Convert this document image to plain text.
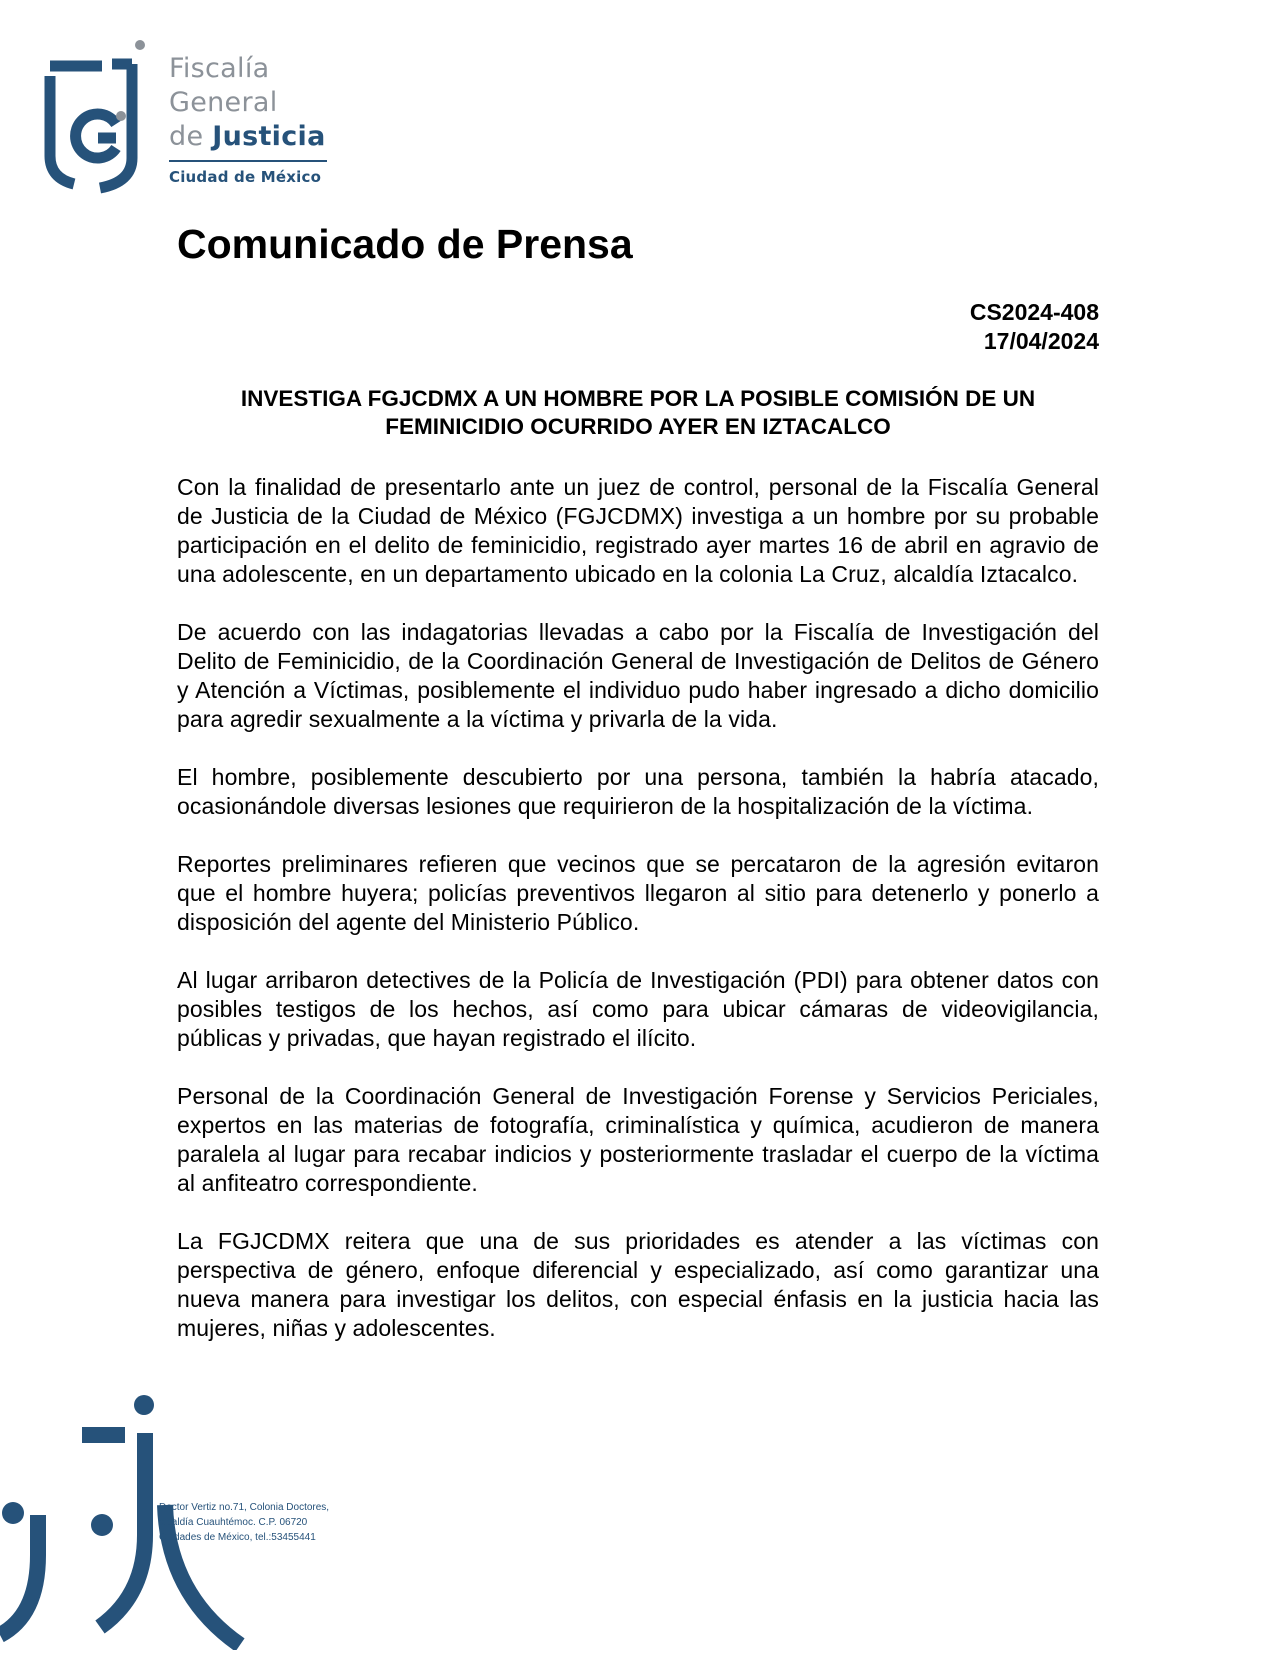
Fiscalía
General
de Justicia
Ciudad de México
Comunicado de Prensa
CS2024-408
17/04/2024
INVESTIGA FGJCDMX A UN HOMBRE POR LA POSIBLE COMISIÓN DE UN
FEMINICIDIO OCURRIDO AYER EN IZTACALCO

Con la finalidad de presentarlo ante un juez de control, personal de la Fiscalía General de Justicia de la Ciudad de México (FGJCDMX) investiga a un hombre por su probable participación en el delito de feminicidio, registrado ayer martes 16 de abril en agravio de una adolescente, en un departamento ubicado en la colonia La Cruz, alcaldía Iztacalco.

De acuerdo con las indagatorias llevadas a cabo por la Fiscalía de Investigación del Delito de Feminicidio, de la Coordinación General de Investigación de Delitos de Género y Atención a Víctimas, posiblemente el individuo pudo haber ingresado a dicho domicilio para agredir sexualmente a la víctima y privarla de la vida.

El hombre, posiblemente descubierto por una persona, también la habría atacado, ocasionándole diversas lesiones que requirieron de la hospitalización de la víctima.

Reportes preliminares refieren que vecinos que se percataron de la agresión evitaron que el hombre huyera; policías preventivos llegaron al sitio para detenerlo y ponerlo a disposición del agente del Ministerio Público.

Al lugar arribaron detectives de la Policía de Investigación (PDI) para obtener datos con posibles testigos de los hechos, así como para ubicar cámaras de videovigilancia, públicas y privadas, que hayan registrado el ilícito.

Personal de la Coordinación General de Investigación Forense y Servicios Periciales, expertos en las materias de fotografía, criminalística y química, acudieron de manera paralela al lugar para recabar indicios y posteriormente trasladar el cuerpo de la víctima al anfiteatro correspondiente.

La FGJCDMX reitera que una de sus prioridades es atender a las víctimas con perspectiva de género, enfoque diferencial y especializado, así como garantizar una nueva manera para investigar los delitos, con especial énfasis en la justicia hacia las mujeres, niñas y adolescentes.

Doctor Vertiz no.71, Colonia Doctores,
alcaldía Cuauhtémoc. C.P. 06720
Ciudades de México, tel.:53455441
